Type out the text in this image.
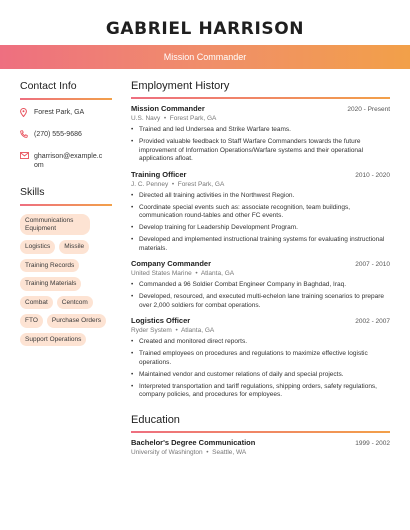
GABRIEL HARRISON
Mission Commander
Contact Info
Forest Park, GA
(270) 555-9686
gharrison@example.com
Skills
Communications Equipment
Logistics	Missile
Training Records
Training Materials
Combat	Centcom
FTO	Purchase Orders
Support Operations
Employment History
Mission Commander	2020 - Present
U.S. Navy  •  Forest Park, GA
• Trained and led Undersea and Strike Warfare teams.
• Provided valuable feedback to Staff Warfare Commanders towards the future improvement of Information Operations/Warfare systems and their operational applications afloat.
Training Officer	2010 - 2020
J. C. Penney  •  Forest Park, GA
• Directed all training activities in the Northwest Region.
• Coordinate special events such as: associate recognition, team buildings, communication round-tables and other FC events.
• Develop training for Leadership Development Program.
• Developed and implemented instructional training systems for evaluating instructional materials.
Company Commander	2007 - 2010
United States Marine  •  Atlanta, GA
• Commanded a 96 Soldier Combat Engineer Company in Baghdad, Iraq.
• Developed, resourced, and executed multi-echelon lane training scenarios to prepare over 2,000 soldiers for combat operations.
Logistics Officer	2002 - 2007
Ryder System  •  Atlanta, GA
• Created and monitored direct reports.
• Trained employees on procedures and regulations to maximize effective logistic operations.
• Maintained vendor and customer relations of daily and special projects.
• Interpreted transportation and tariff regulations, shipping orders, safety regulations, company policies, and procedures for employees.
Education
Bachelor's Degree Communication	1999 - 2002
University of Washington  •  Seattle, WA
